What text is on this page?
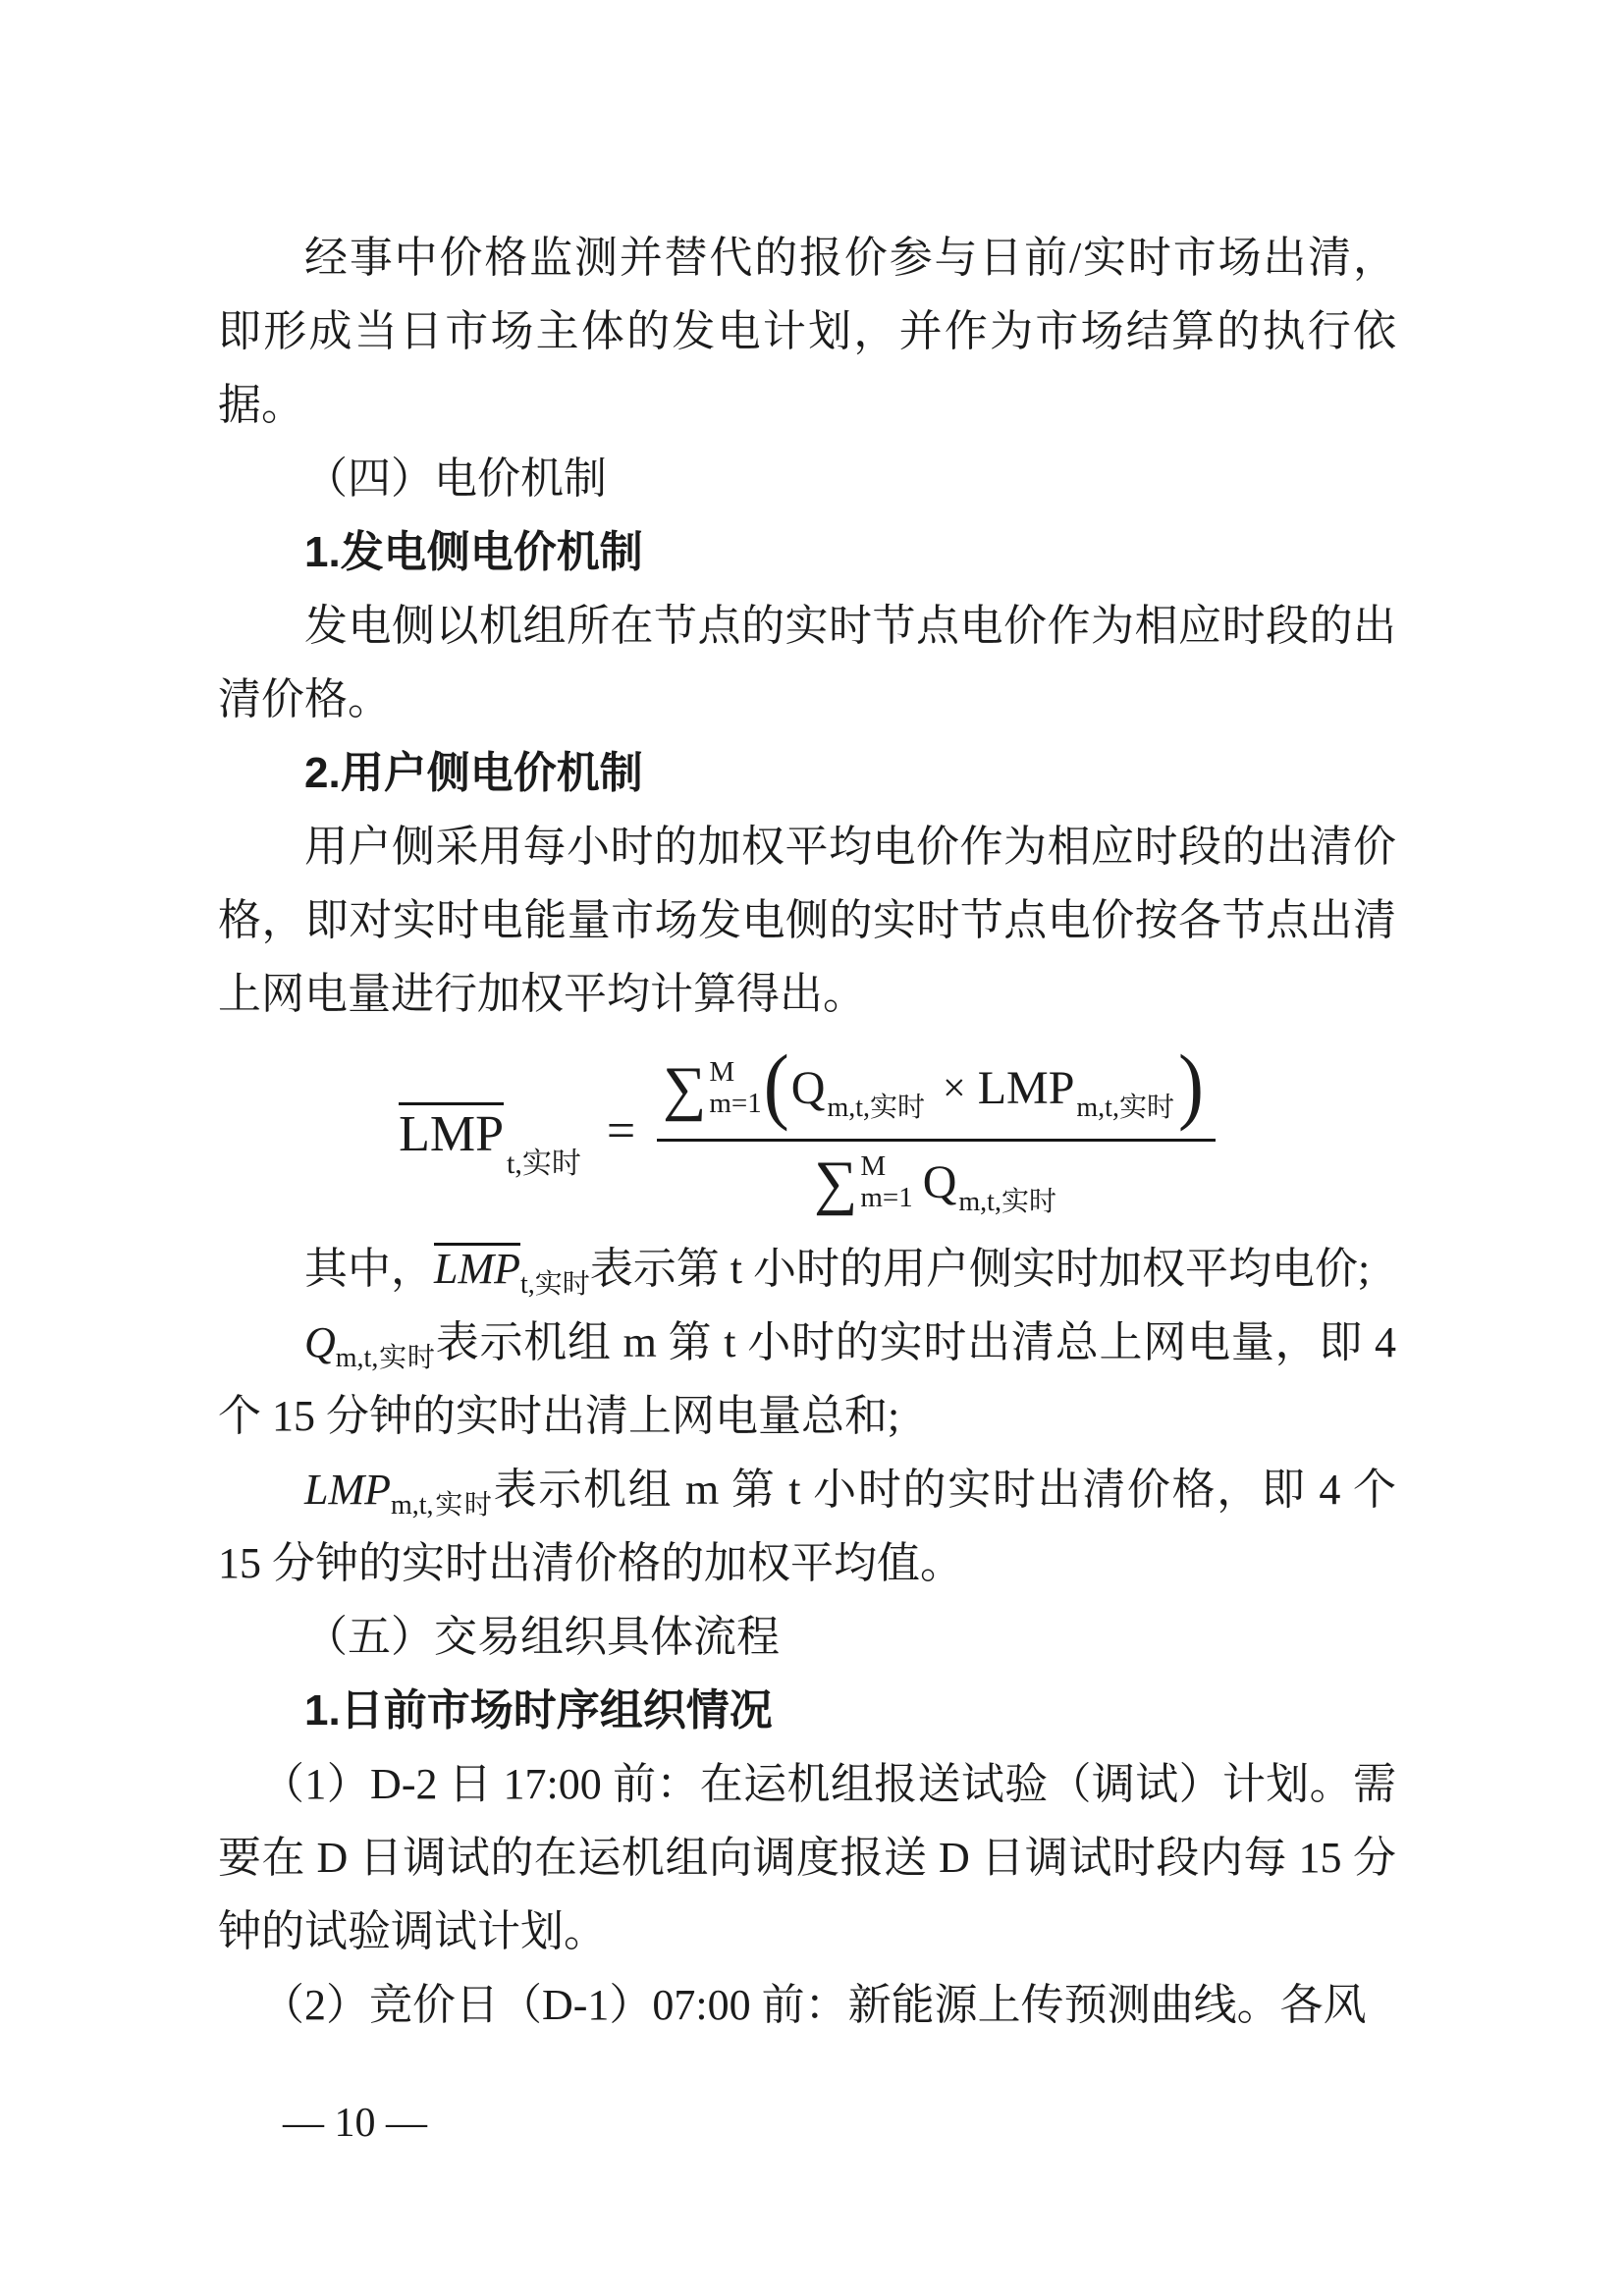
经事中价格监测并替代的报价参与日前/实时市场出清，即形成当日市场主体的发电计划，并作为市场结算的执行依据。

（四）电价机制

1.发电侧电价机制

发电侧以机组所在节点的实时节点电价作为相应时段的出清价格。

2.用户侧电价机制

用户侧采用每小时的加权平均电价作为相应时段的出清价格，即对实时电能量市场发电侧的实时节点电价按各节点出清上网电量进行加权平均计算得出。

LMP
t,实时
=
∑ M
m=1 ( Q m,t,实时 × LMP m,t,实时 )
∑ M
m=1 Q m,t,实时

其中，$LMP_{t,实时}$表示第 t 小时的用户侧实时加权平均电价;

$Q_{m,t,实时}$表示机组 m 第 t 小时的实时出清总上网电量，即 4 个 15 分钟的实时出清上网电量总和;

$LMP_{m,t,实时}$表示机组 m 第 t 小时的实时出清价格，即 4 个 15 分钟的实时出清价格的加权平均值。

（五）交易组织具体流程

1.日前市场时序组织情况

（1）D-2 日 17:00 前：在运机组报送试验（调试）计划。需要在 D 日调试的在运机组向调度报送 D 日调试时段内每 15 分钟的试验调试计划。

（2）竞价日（D-1）07:00 前：新能源上传预测曲线。各风

— 10 —
